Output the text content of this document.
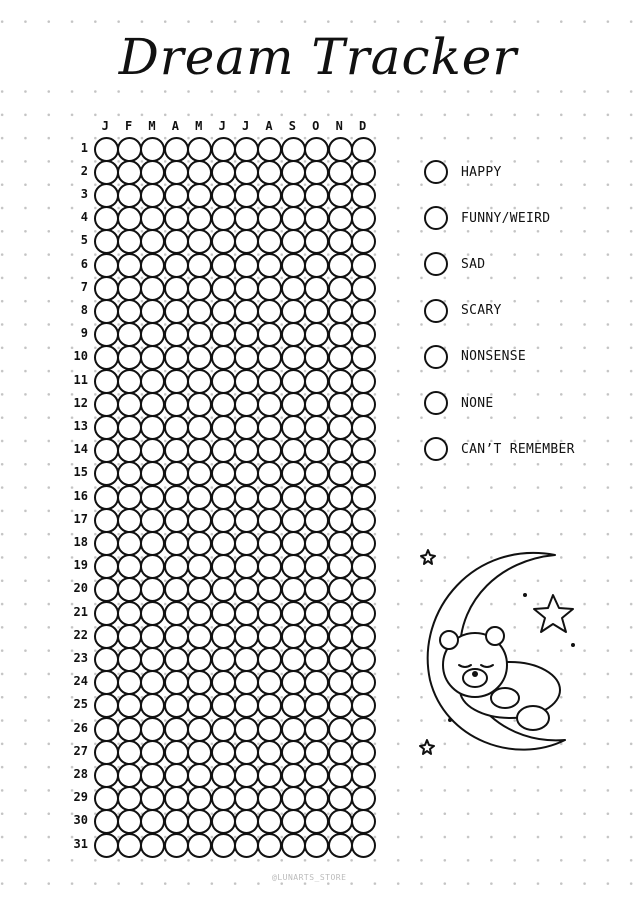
Dream Tracker
J	F	M	A	M	J	J	A	S	O	N	D
1
2
3
4
5
6
7
8
9
10
11
12
13
14
15
16
17
18
19
20
21
22
23
24
25
26
27
28
29
30
31
HAPPY
FUNNY/WEIRD
SAD
SCARY
NONSENSE
NONE
CAN’T REMEMBER
@LUNARTS_STORE
